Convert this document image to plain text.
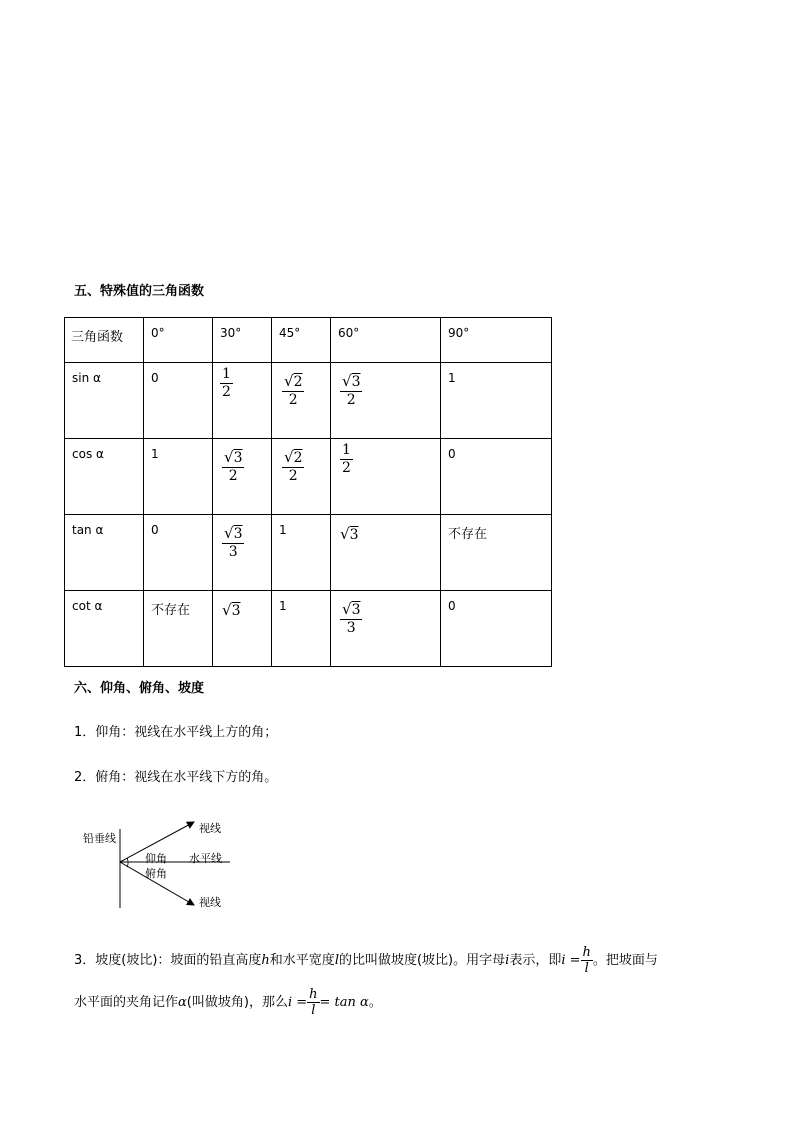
五、特殊值的三角函数
三角函数	0°	30°	45°	60°	90°

sin α	0	$\frac{1}{2}$	$\frac{√2}{2}$	$\frac{√3}{2}$	1

cos α	1	$\frac{√3}{2}$	$\frac{√2}{2}$	$\frac{1}{2}$	0

tan α	0	$\frac{√3}{3}$	1	√3	不存在

cot α	不存在	√3	1	$\frac{√3}{3}$	0
六、仰角、俯角、坡度
1．仰角：视线在水平线上方的角；
2．俯角：视线在水平线下方的角。
铅垂线
视线
仰角 水平线
俯角
视线
3．坡度(坡比)：坡面的铅直高度h和水平宽度l的比叫做坡度(坡比)。用字母i表示，即$i = \frac{h}{l}$ 。把坡面与
水平面的夹角记作α(叫做坡角)，那么$i = \frac{h}{l} = \tan \alpha$。
